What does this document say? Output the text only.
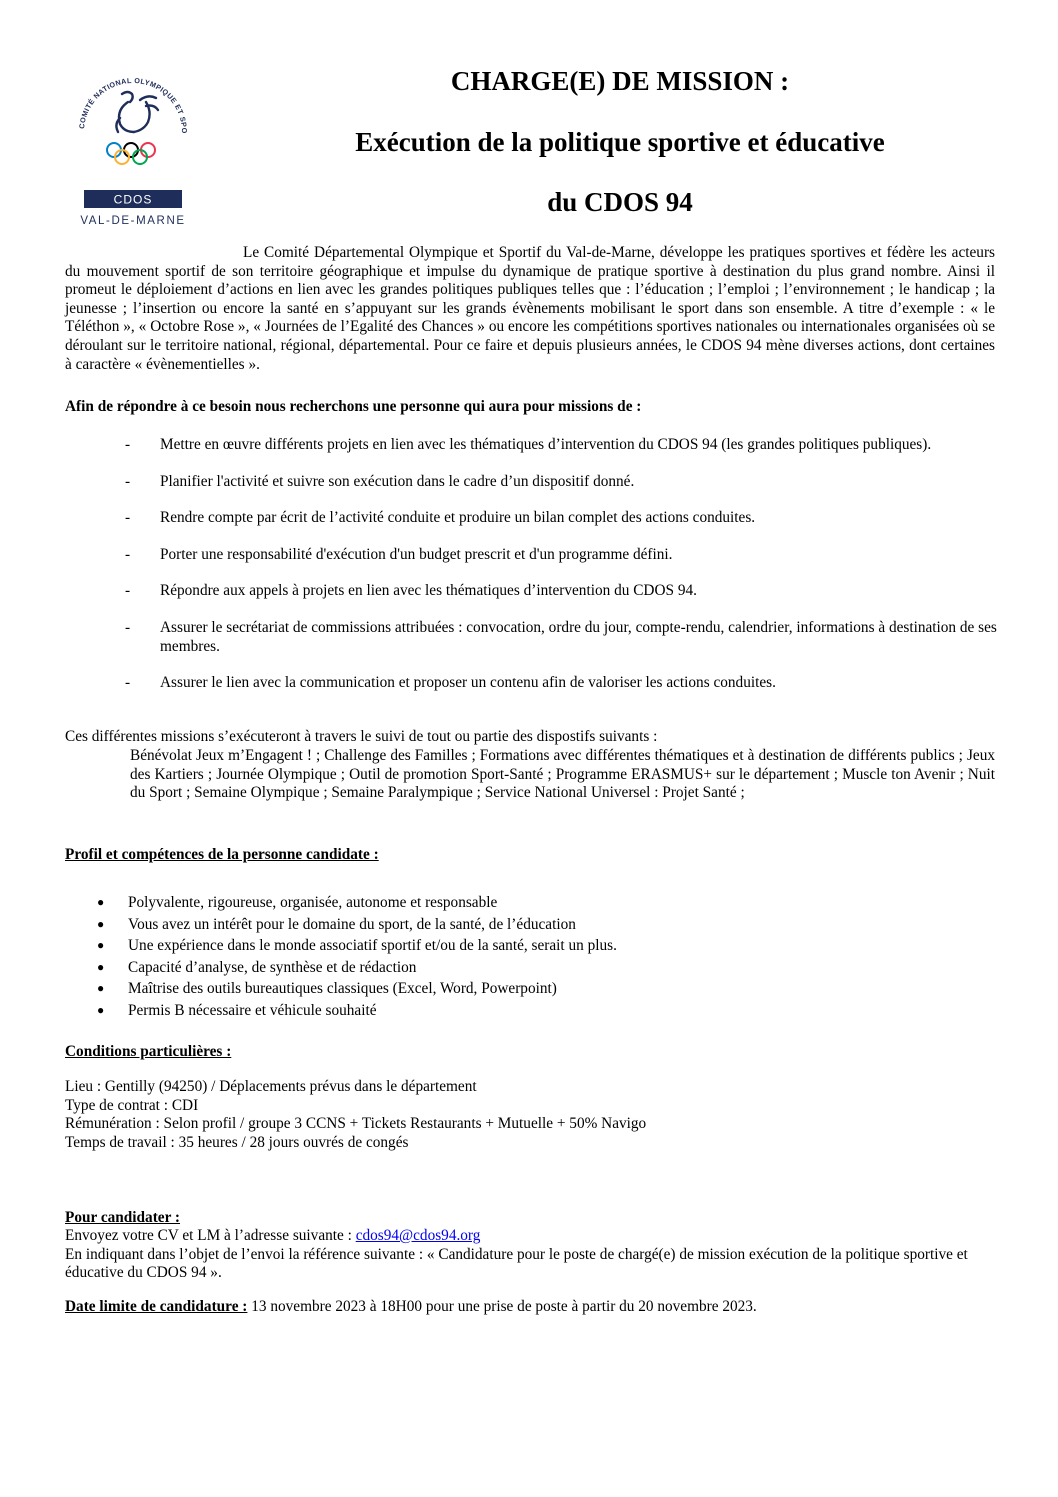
COMITÉ NATIONAL OLYMPIQUE ET SPO
CDOS
VAL-DE-MARNE
CHARGE(E) DE MISSION :
Exécution de la politique sportive et éducative
du CDOS 94

Le Comité Départemental Olympique et Sportif du Val-de-Marne, développe les pratiques sportives et fédère les acteurs du mouvement sportif de son territoire géographique et impulse du dynamique de pratique sportive à destination du plus grand nombre. Ainsi il promeut le déploiement d’actions en lien avec les grandes politiques publiques telles que : l’éducation ; l’emploi ; l’environnement ; le handicap ; la jeunesse ; l’insertion ou encore la santé en s’appuyant sur les grands évènements mobilisant le sport dans son ensemble. A titre d’exemple : « le Téléthon », « Octobre Rose », « Journées de l’Egalité des Chances » ou encore les compétitions sportives nationales ou internationales organisées où se déroulant sur le territoire national, régional, départemental. Pour ce faire et depuis plusieurs années, le CDOS 94 mène diverses actions, dont certaines à caractère « évènementielles ».

Afin de répondre à ce besoin nous recherchons une personne qui aura pour missions de :
- Mettre en œuvre différents projets en lien avec les thématiques d’intervention du CDOS 94 (les grandes politiques publiques).
- Planifier l'activité et suivre son exécution dans le cadre d’un dispositif donné.
- Rendre compte par écrit de l’activité conduite et produire un bilan complet des actions conduites.
- Porter une responsabilité d'exécution d'un budget prescrit et d'un programme défini.
- Répondre aux appels à projets en lien avec les thématiques d’intervention du CDOS 94.
- Assurer le secrétariat de commissions attribuées : convocation, ordre du jour, compte-rendu, calendrier, informations à destination de ses membres.
- Assurer le lien avec la communication et proposer un contenu afin de valoriser les actions conduites.
Ces différentes missions s’exécuteront à travers le suivi de tout ou partie des dispostifs suivants :

Bénévolat Jeux m’Engagent ! ; Challenge des Familles ; Formations avec différentes thématiques et à destination de différents publics ; Jeux des Kartiers ; Journée Olympique ; Outil de promotion Sport-Santé ; Programme ERASMUS+ sur le département ; Muscle ton Avenir ; Nuit du Sport ; Semaine Olympique ; Semaine Paralympique ; Service National Universel : Projet Santé ;

Profil et compétences de la personne candidate :
● Polyvalente, rigoureuse, organisée, autonome et responsable
● Vous avez un intérêt pour le domaine du sport, de la santé, de l’éducation
● Une expérience dans le monde associatif sportif et/ou de la santé, serait un plus.
● Capacité d’analyse, de synthèse et de rédaction
● Maîtrise des outils bureautiques classiques (Excel, Word, Powerpoint)
● Permis B nécessaire et véhicule souhaité
Conditions particulières :
Lieu : Gentilly (94250) / Déplacements prévus dans le département
Type de contrat : CDI
Rémunération : Selon profil / groupe 3 CCNS + Tickets Restaurants + Mutuelle + 50% Navigo
Temps de travail : 35 heures / 28 jours ouvrés de congés
Pour candidater :
Envoyez votre CV et LM à l’adresse suivante : cdos94@cdos94.org
En indiquant dans l’objet de l’envoi la référence suivante : « Candidature pour le poste de chargé(e) de mission exécution de la politique sportive et éducative du CDOS 94 ».
Date limite de candidature : 13 novembre 2023 à 18H00 pour une prise de poste à partir du 20 novembre 2023.
